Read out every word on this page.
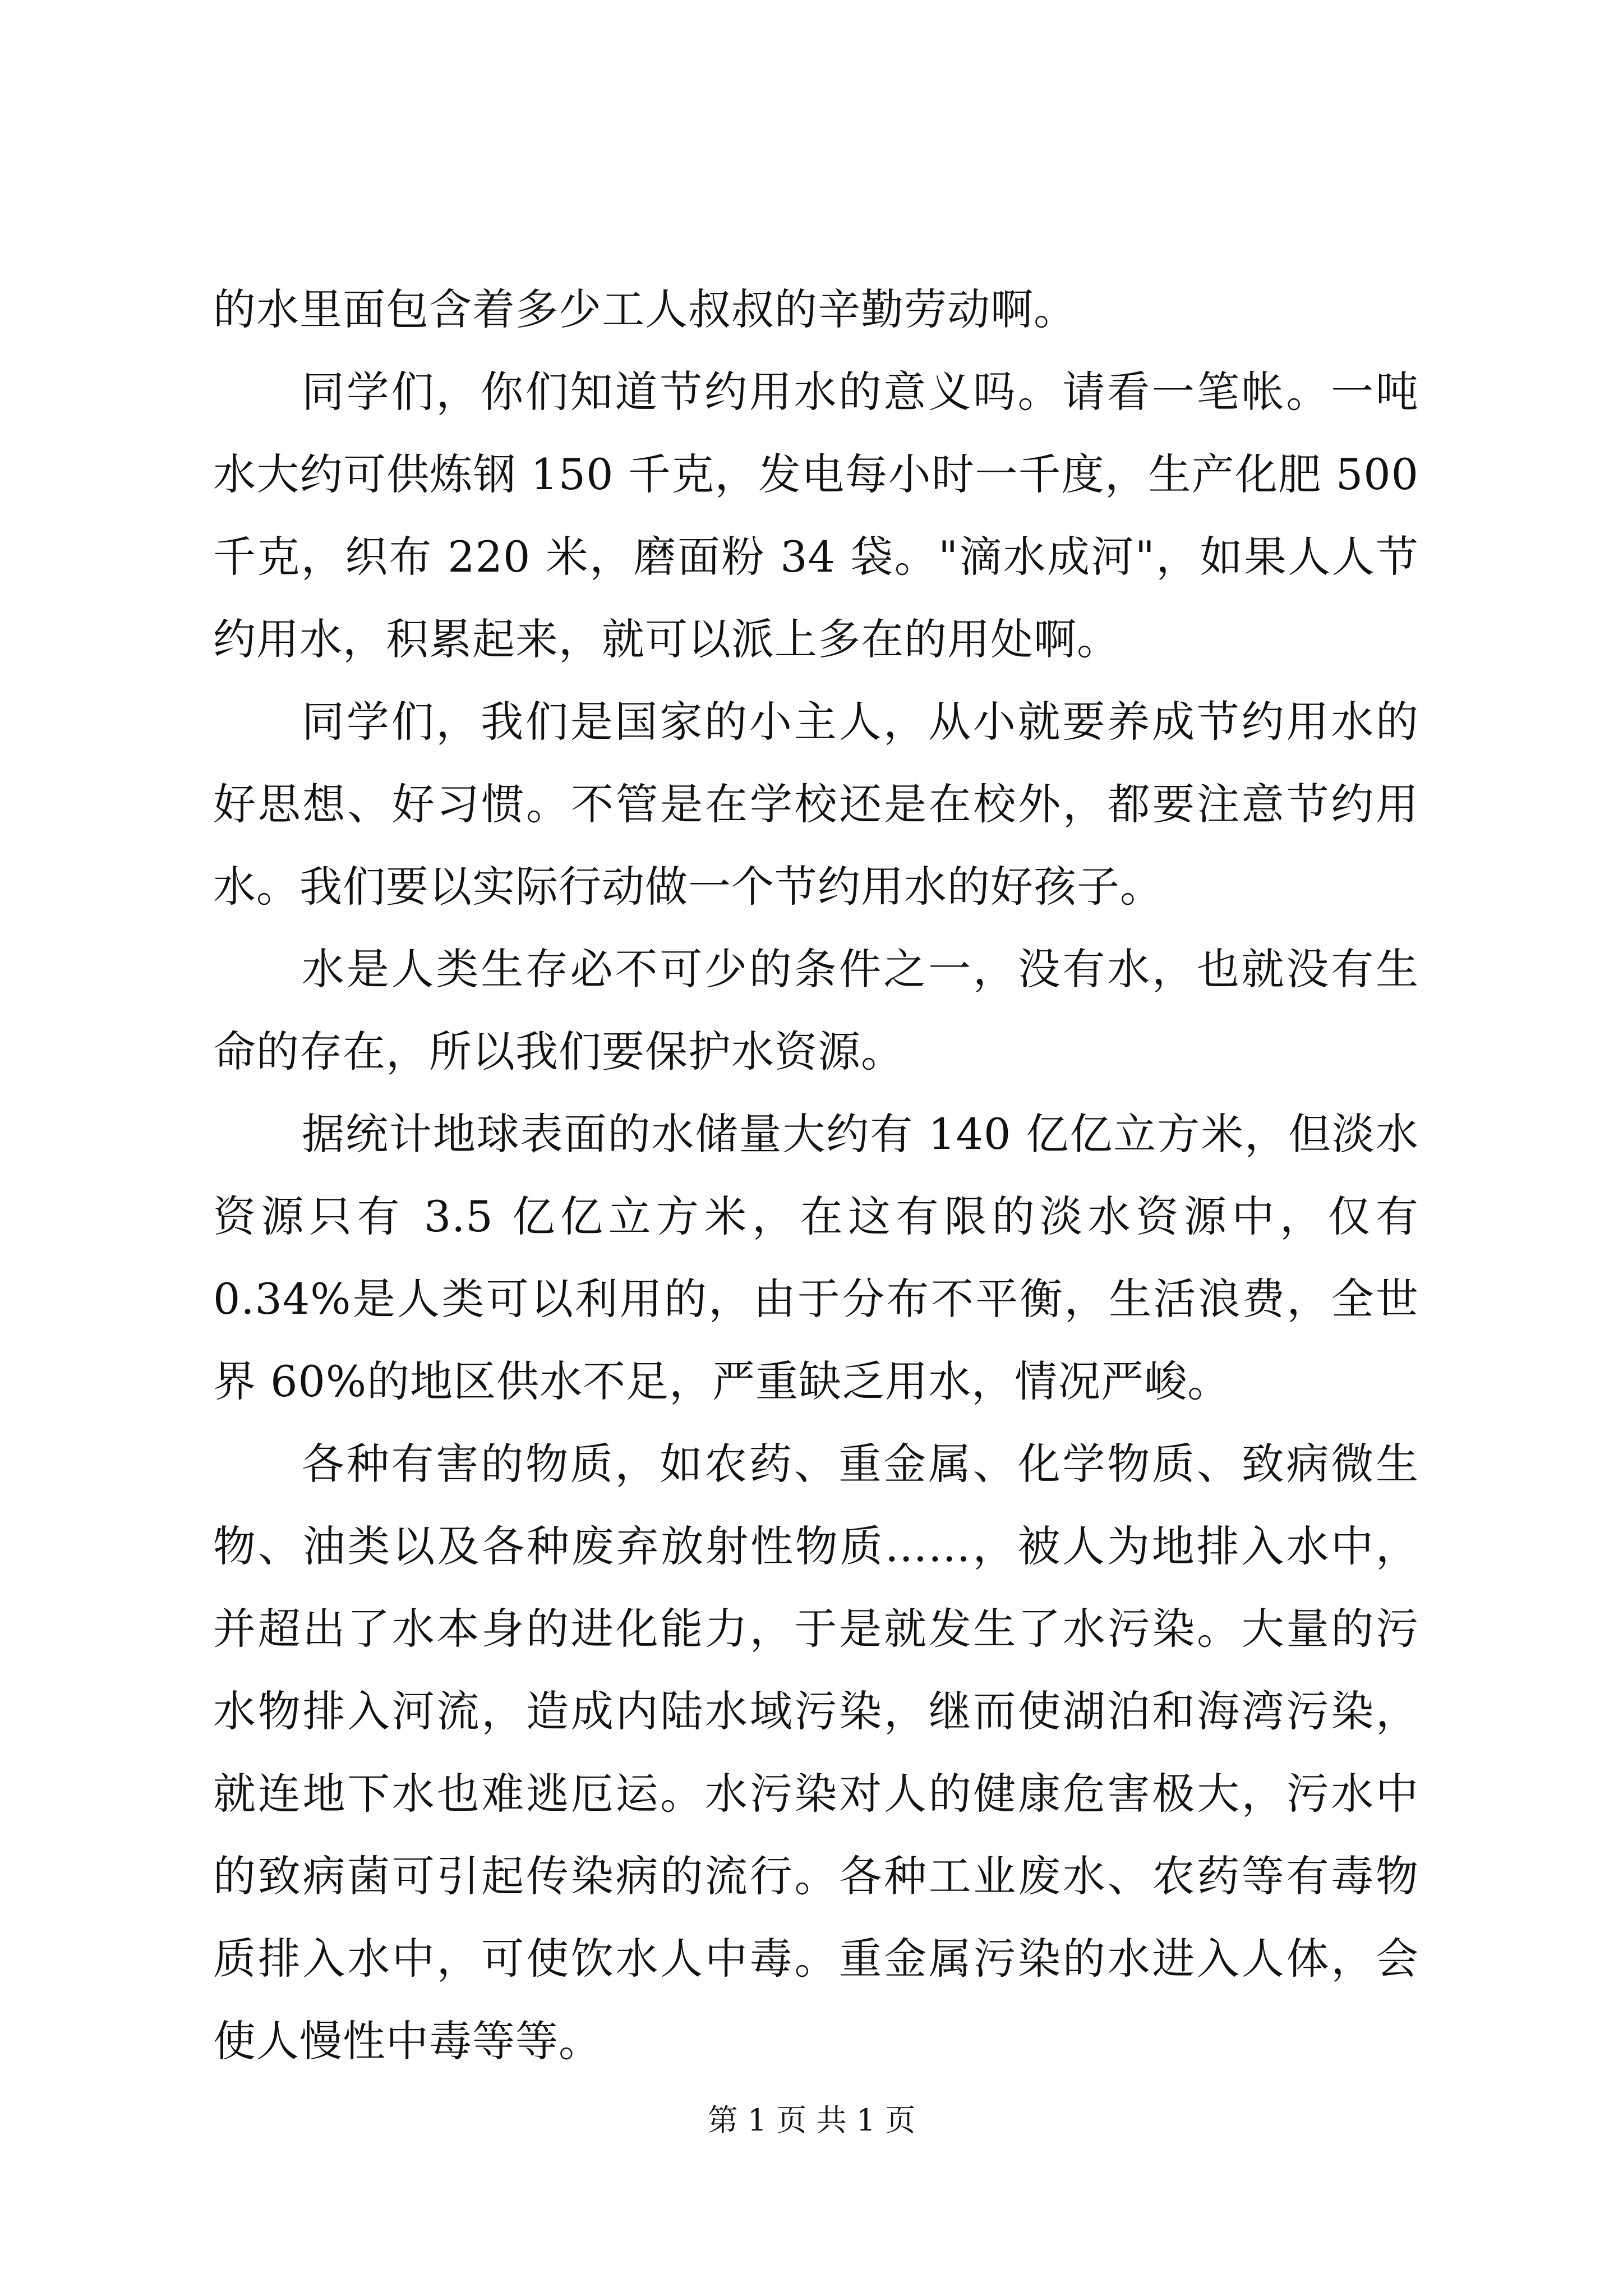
的水里面包含着多少工人叔叔的辛勤劳动啊。

同学们，你们知道节约用水的意义吗。请看一笔帐。一吨水大约可供炼钢 150 千克，发电每小时一千度，生产化肥 500 千克，织布 220 米，磨面粉 34 袋。"滴水成河"，如果人人节约用水，积累起来，就可以派上多在的用处啊。

同学们，我们是国家的小主人，从小就要养成节约用水的好思想、好习惯。不管是在学校还是在校外，都要注意节约用水。我们要以实际行动做一个节约用水的好孩子。

水是人类生存必不可少的条件之一，没有水，也就没有生命的存在，所以我们要保护水资源。

据统计地球表面的水储量大约有 140 亿亿立方米，但淡水资源只有 3.5 亿亿立方米，在这有限的淡水资源中，仅有 0.34%是人类可以利用的，由于分布不平衡，生活浪费，全世界 60%的地区供水不足，严重缺乏用水，情况严峻。

各种有害的物质，如农药、重金属、化学物质、致病微生物、油类以及各种废弃放射性物质……，被人为地排入水中，并超出了水本身的进化能力，于是就发生了水污染。大量的污水物排入河流，造成内陆水域污染，继而使湖泊和海湾污染，就连地下水也难逃厄运。水污染对人的健康危害极大，污水中的致病菌可引起传染病的流行。各种工业废水、农药等有毒物质排入水中，可使饮水人中毒。重金属污染的水进入人体，会使人慢性中毒等等。

第 1 页 共 1 页
